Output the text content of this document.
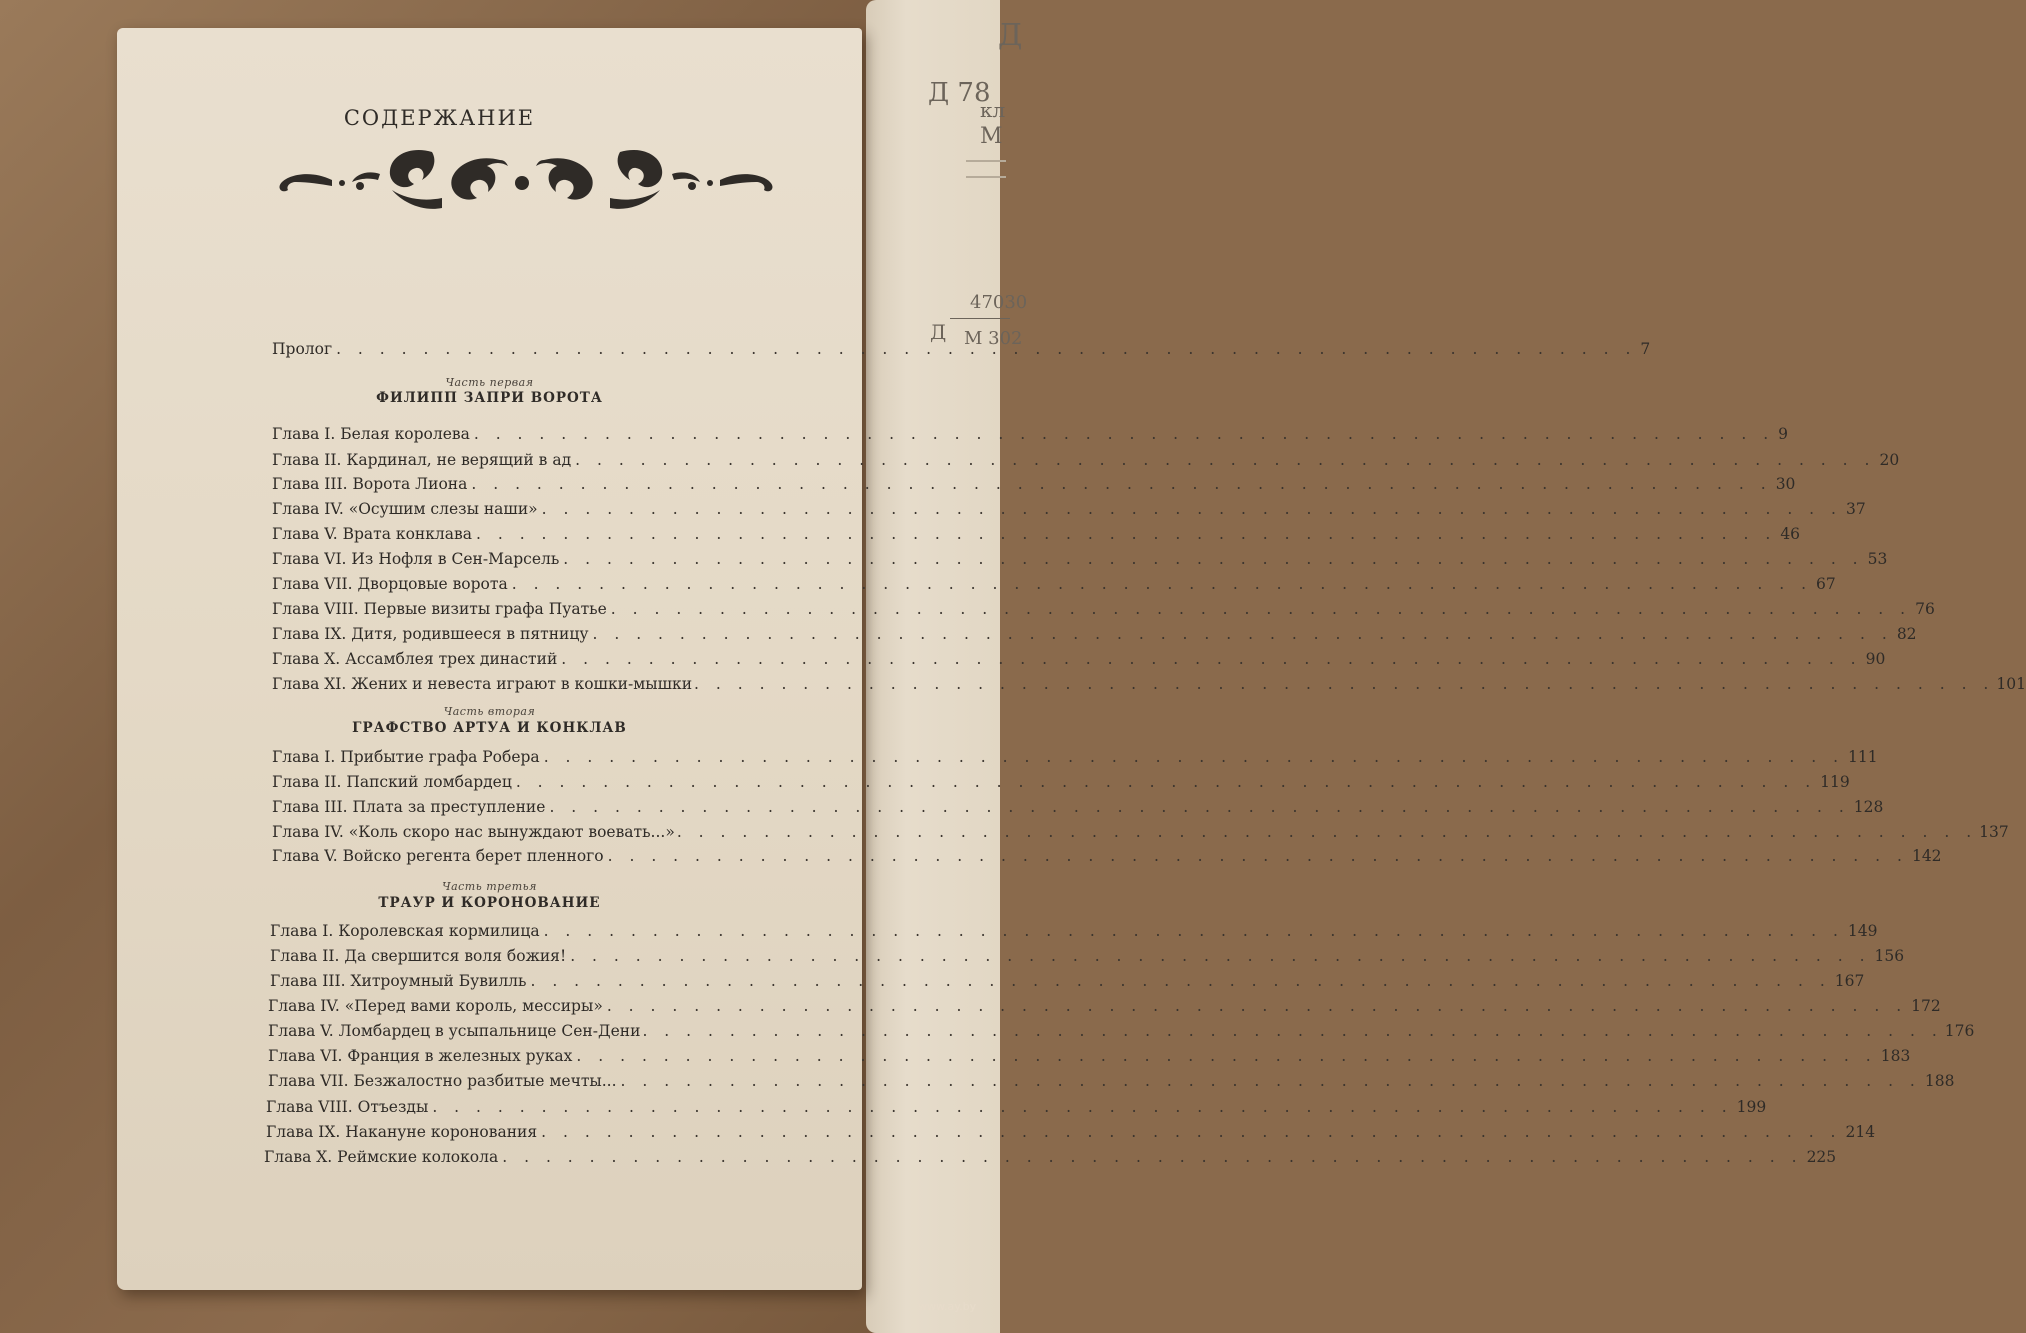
Д
Д 78
кл
М
47030
Д М 302
СОДЕРЖАНИЕ
Пролог . . .	7
Часть первая
ФИЛИПП ЗАПРИ ВОРОТА
Глава I. Белая королева . . .	9
Глава II. Кардинал, не верящий в ад . . .	20
Глава III. Ворота Лиона . . .	30
Глава IV. «Осушим слезы наши» . . .	37
Глава V. Врата конклава . . .	46
Глава VI. Из Нофля в Сен-Марсель . . .	53
Глава VII. Дворцовые ворота . . .	67
Глава VIII. Первые визиты графа Пуатье . . .	76
Глава IX. Дитя, родившееся в пятницу . . .	82
Глава X. Ассамблея трех династий . . .	90
Глава XI. Жених и невеста играют в кошки-мышки . . .	101
Часть вторая
ГРАФСТВО АРТУА И КОНКЛАВ
Глава I. Прибытие графа Робера . . .	111
Глава II. Папский ломбардец . . .	119
Глава III. Плата за преступление . . .	128
Глава IV. «Коль скоро нас вынуждают воевать...» . . .	137
Глава V. Войско регента берет пленного . . .	142
Часть третья
ТРАУР И КОРОНОВАНИЕ
Глава I. Королевская кормилица . . .	149
Глава II. Да свершится воля божия! . . .	156
Глава III. Хитроумный Бувилль . . .	167
Глава IV. «Перед вами король, мессиры» . . .	172
Глава V. Ломбардец в усыпальнице Сен-Дени . . .	176
Глава VI. Франция в железных руках . . .	183
Глава VII. Безжалостно разбитые мечты... . . .	188
Глава VIII. Отъезды . . .	199
Глава IX. Накануне коронования . . .	214
Глава X. Реймские колокола . . .	225
www.ay.by
